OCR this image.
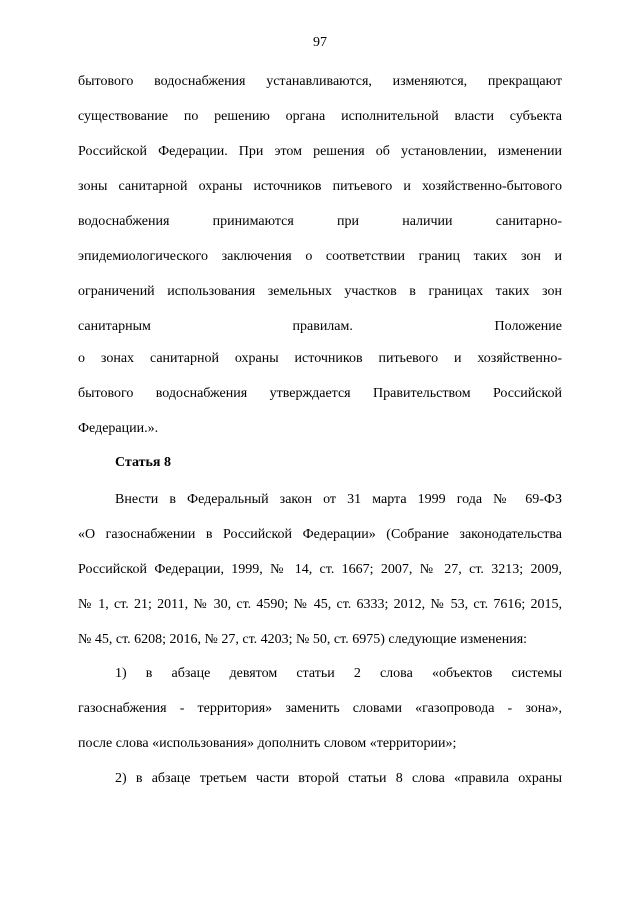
97
бытового водоснабжения устанавливаются, изменяются, прекращают
существование по решению органа исполнительной власти субъекта
Российской Федерации. При этом решения об установлении, изменении
зоны санитарной охраны источников питьевого и хозяйственно-бытового
водоснабжения принимаются при наличии санитарно-
эпидемиологического заключения о соответствии границ таких зон и
ограничений использования земельных участков в границах таких зон
санитарным правилам. Положение
о зонах санитарной охраны источников питьевого и хозяйственно-
бытового водоснабжения утверждается Правительством Российской
Федерации.».
Статья 8
Внести в Федеральный закон от 31 марта 1999 года № 69-ФЗ
«О газоснабжении в Российской Федерации» (Собрание законодательства
Российской Федерации, 1999, № 14, ст. 1667; 2007, № 27, ст. 3213; 2009,
№ 1, ст. 21; 2011, № 30, ст. 4590; № 45, ст. 6333; 2012, № 53, ст. 7616; 2015,
№ 45, ст. 6208; 2016, № 27, ст. 4203; № 50, ст. 6975) следующие изменения:
1) в абзаце девятом статьи 2 слова «объектов системы
газоснабжения - территория» заменить словами «газопровода - зона»,
после слова «использования» дополнить словом «территории»;
2) в абзаце третьем части второй статьи 8 слова «правила охраны
